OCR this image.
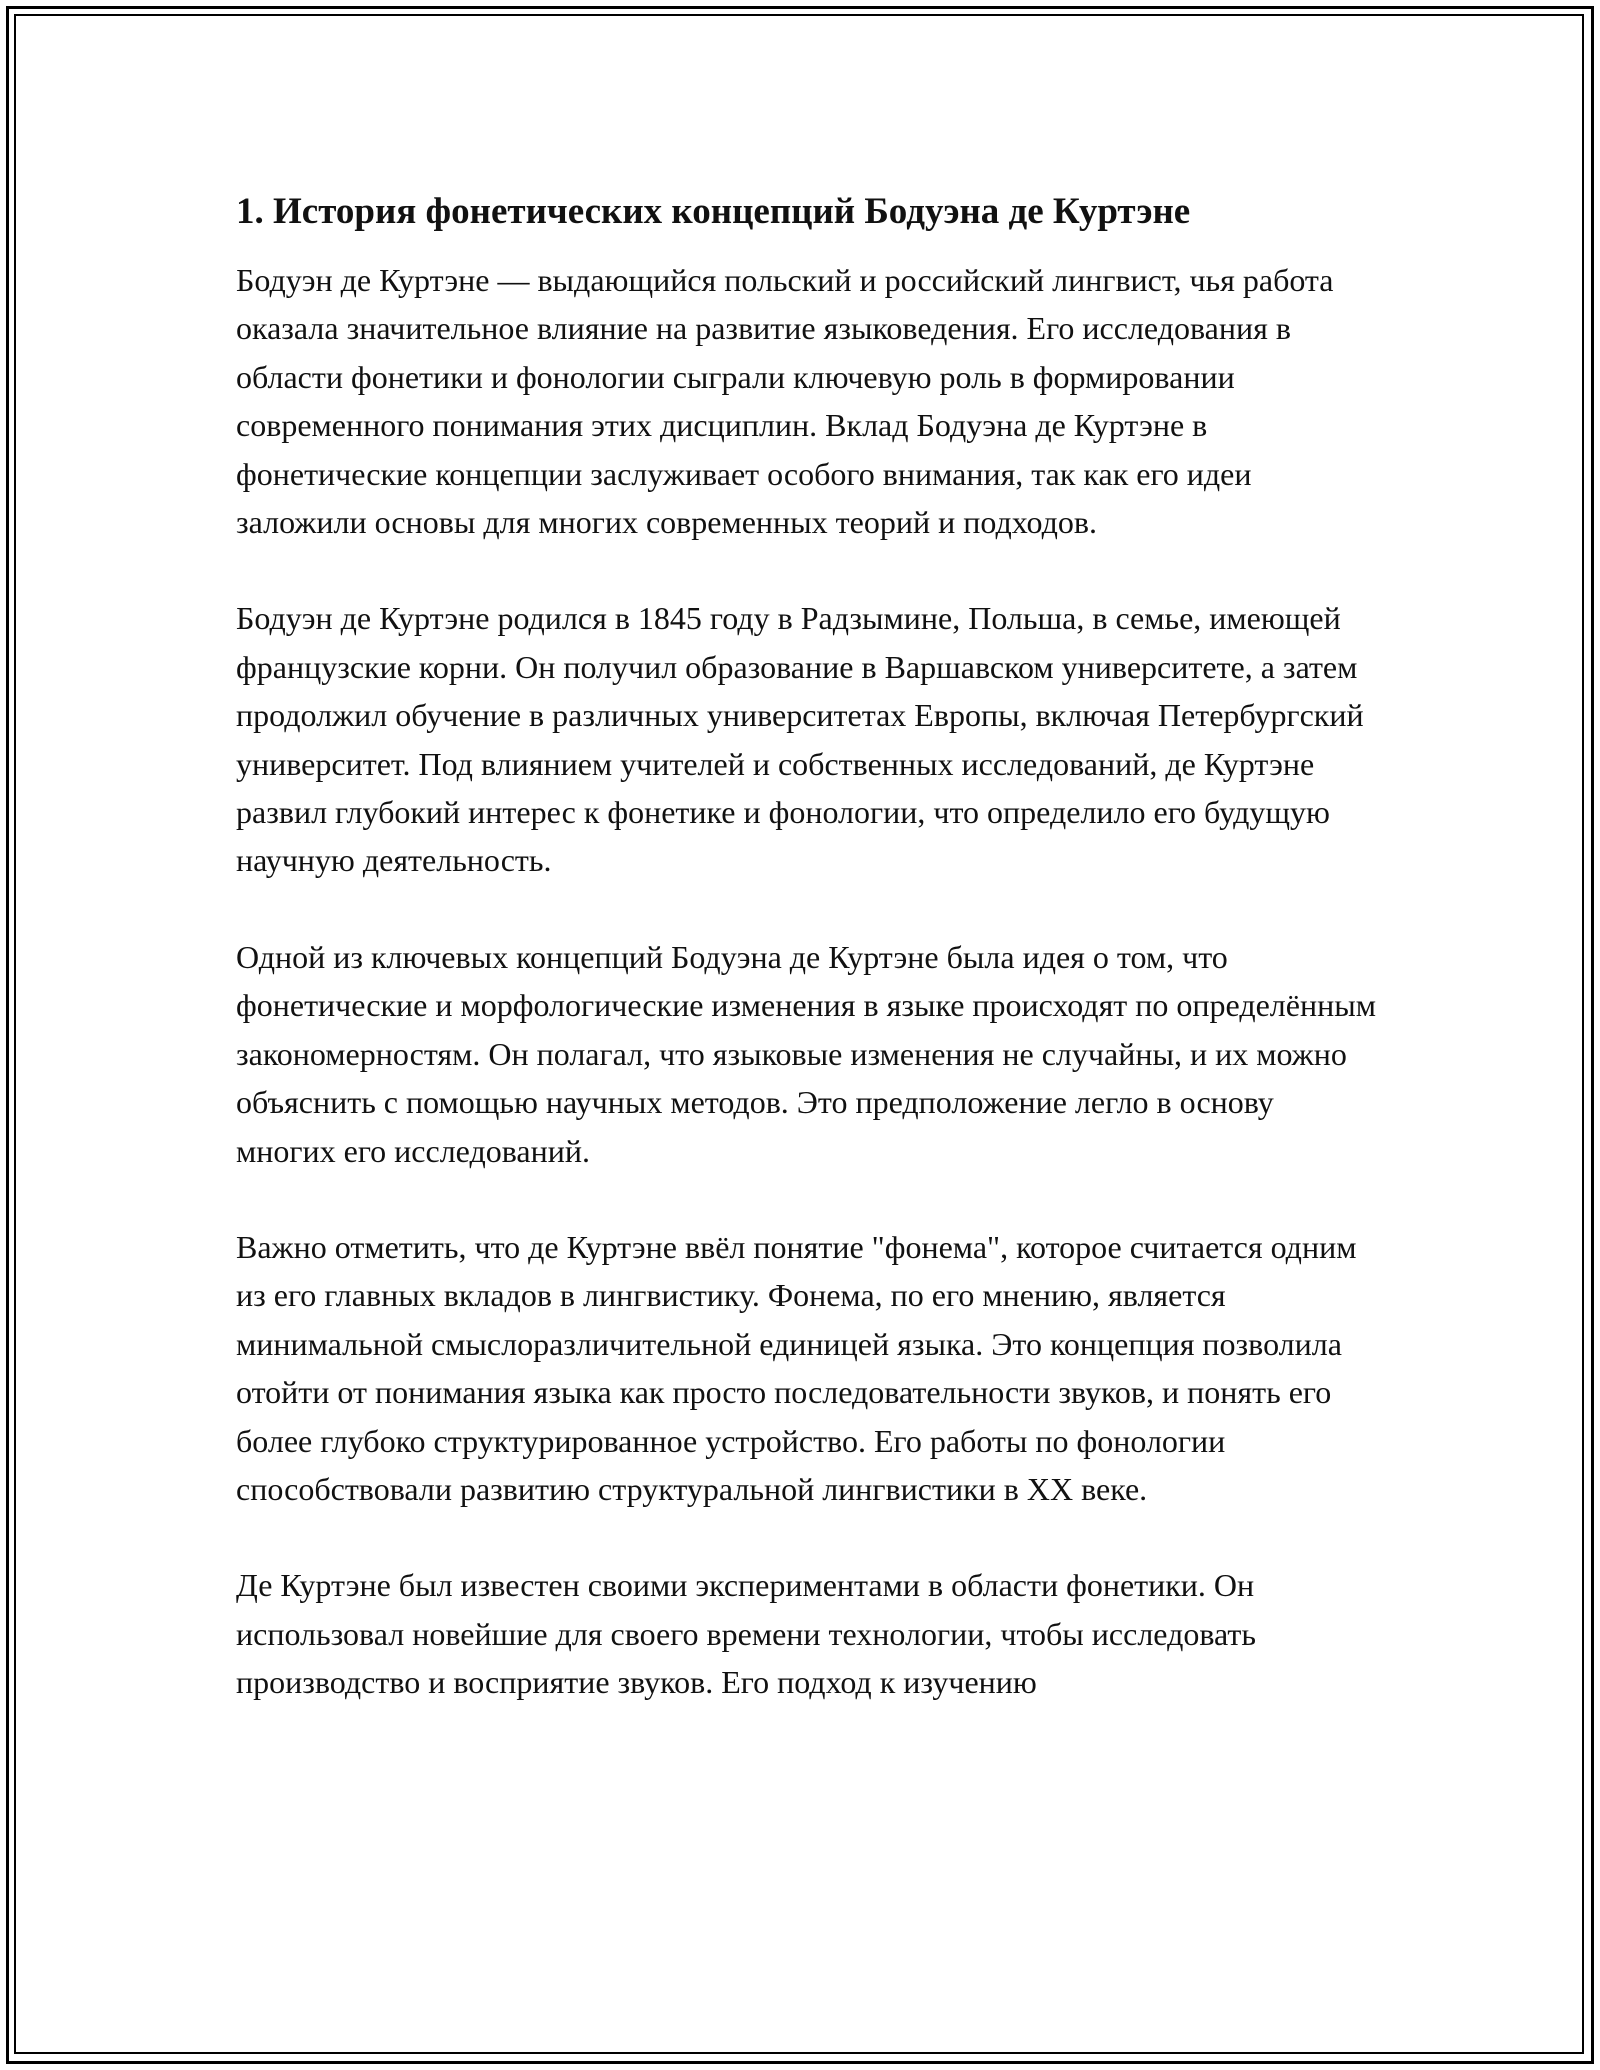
1. История фонетических концепций Бодуэна де Куртэне

Бодуэн де Куртэне — выдающийся польский и российский лингвист, чья работа оказала значительное влияние на развитие языковедения. Его исследования в области фонетики и фонологии сыграли ключевую роль в формировании современного понимания этих дисциплин. Вклад Бодуэна де Куртэне в фонетические концепции заслуживает особого внимания, так как его идеи заложили основы для многих современных теорий и подходов.

Бодуэн де Куртэне родился в 1845 году в Радзымине, Польша, в семье, имеющей французские корни. Он получил образование в Варшавском университете, а затем продолжил обучение в различных университетах Европы, включая Петербургский университет. Под влиянием учителей и собственных исследований, де Куртэне развил глубокий интерес к фонетике и фонологии, что определило его будущую научную деятельность.

Одной из ключевых концепций Бодуэна де Куртэне была идея о том, что фонетические и морфологические изменения в языке происходят по определённым закономерностям. Он полагал, что языковые изменения не случайны, и их можно объяснить с помощью научных методов. Это предположение легло в основу многих его исследований.

Важно отметить, что де Куртэне ввёл понятие "фонема", которое считается одним из его главных вкладов в лингвистику. Фонема, по его мнению, является минимальной смыслоразличительной единицей языка. Это концепция позволила отойти от понимания языка как просто последовательности звуков, и понять его более глубоко структурированное устройство. Его работы по фонологии способствовали развитию структуральной лингвистики в XX веке.

Де Куртэне был известен своими экспериментами в области фонетики. Он использовал новейшие для своего времени технологии, чтобы исследовать производство и восприятие звуков. Его подход к изучению
